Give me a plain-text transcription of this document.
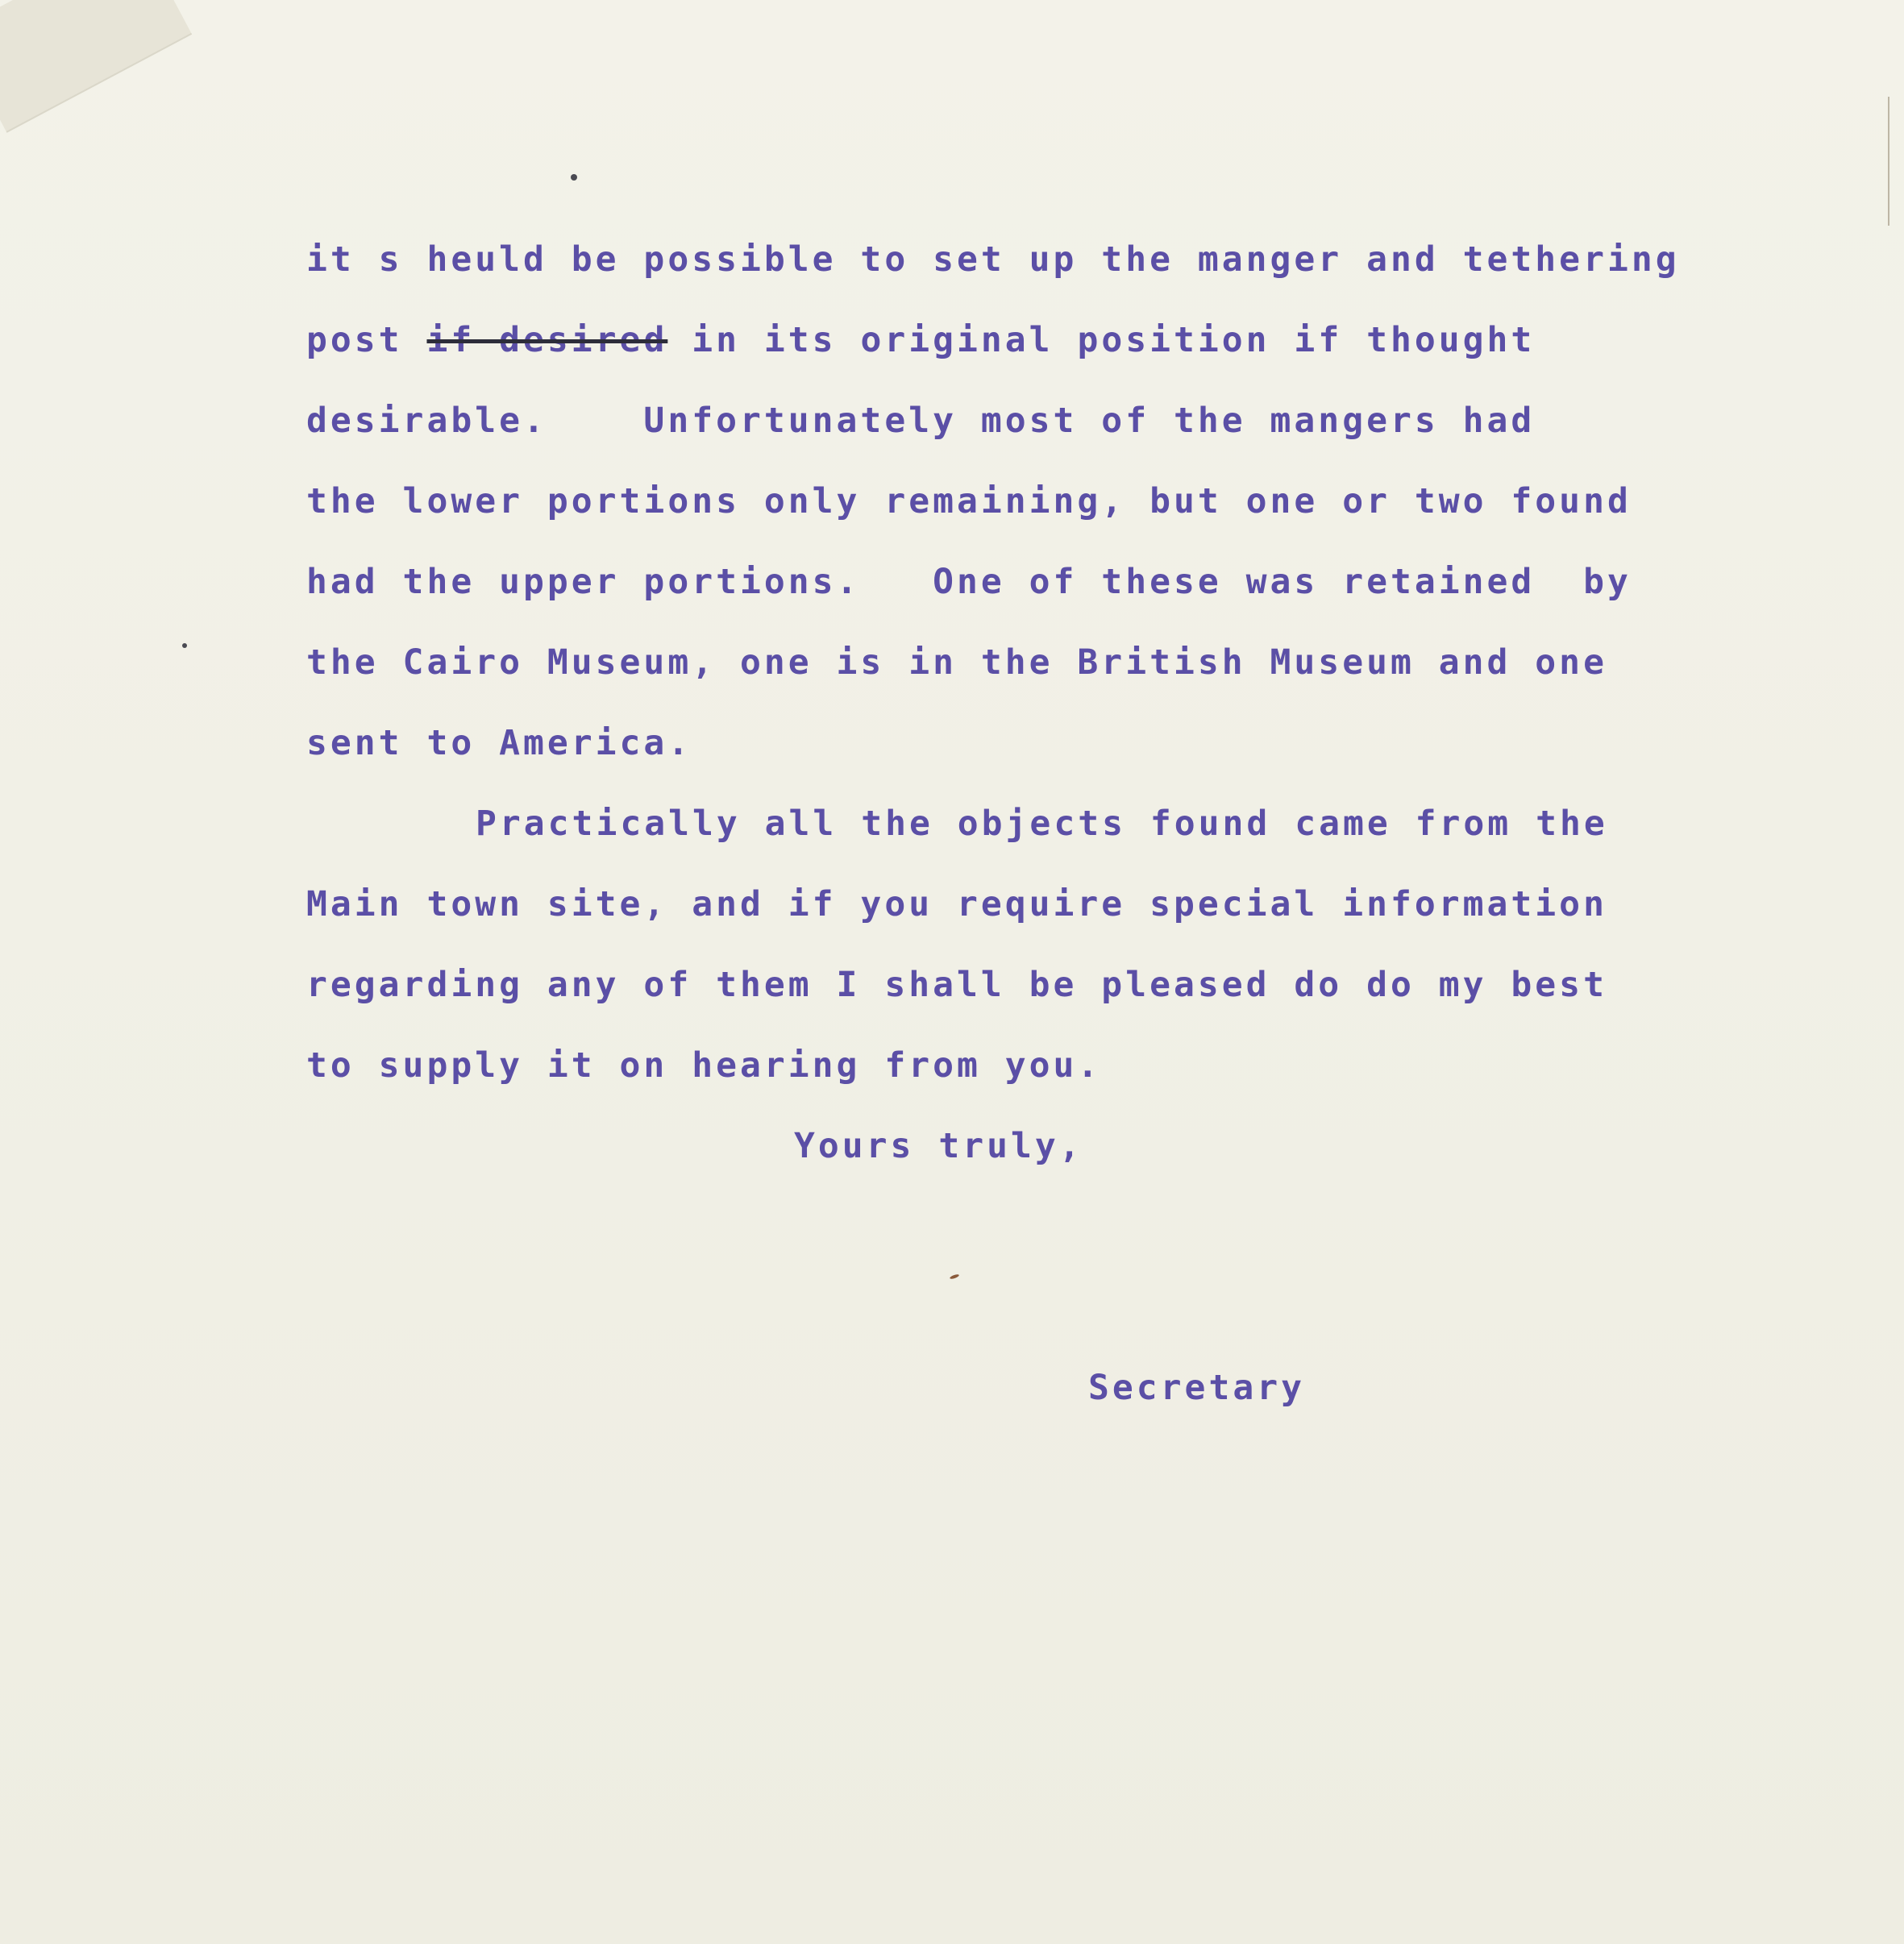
it s heuld be possible to set up the manger and tethering

post if desired in its original position if thought

desirable.    Unfortunately most of the mangers had

the lower portions only remaining, but one or two found

had the upper portions.   One of these was retained  by

the Cairo Museum, one is in the British Museum and one

sent to America.

Practically all the objects found came from the

Main town site, and if you require special information

regarding any of them I shall be pleased do do my best

to supply it on hearing from you.

Yours truly,

Secretary
